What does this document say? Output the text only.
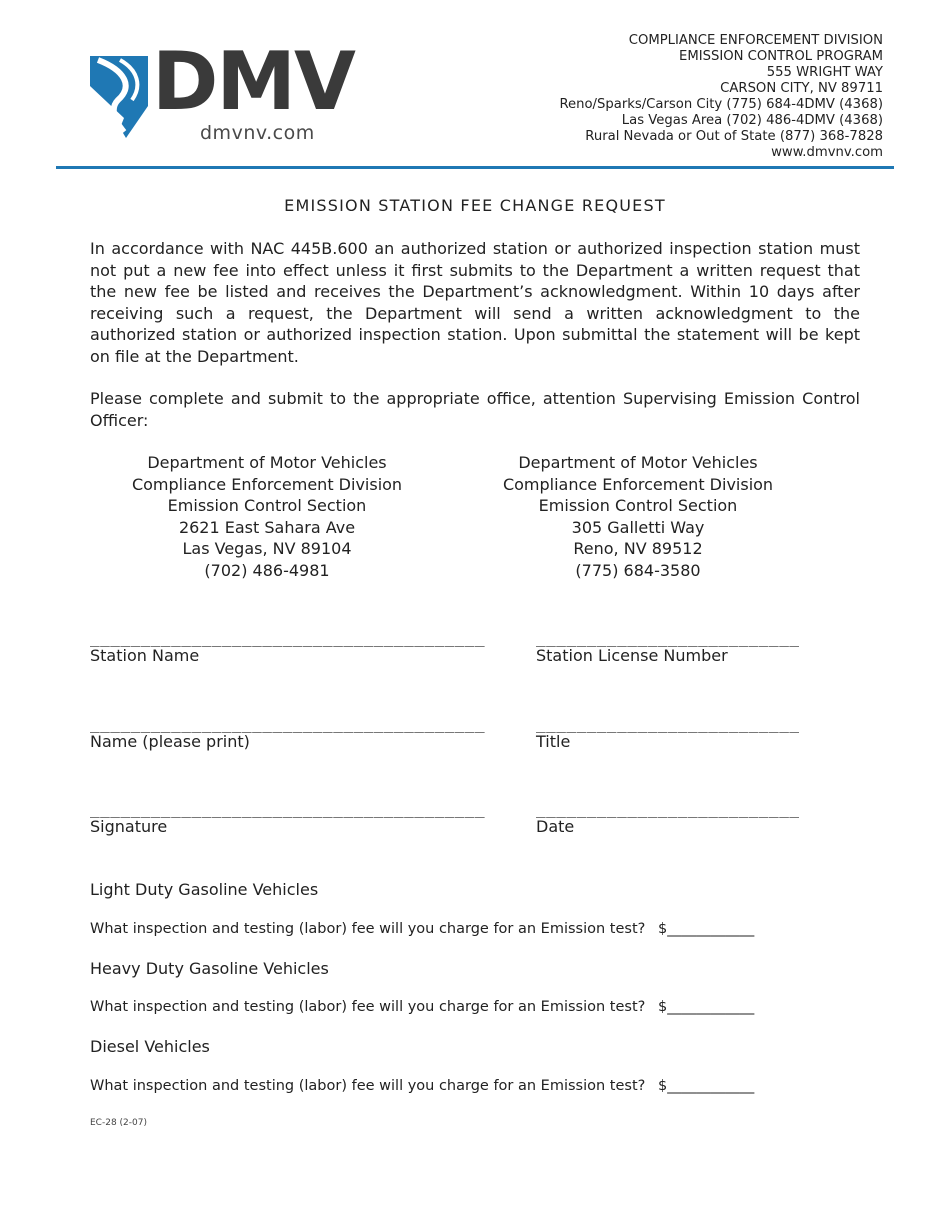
DMV
dmvnv.com
COMPLIANCE ENFORCEMENT DIVISION
EMISSION CONTROL PROGRAM
555 WRIGHT WAY
CARSON CITY, NV 89711
Reno/Sparks/Carson City (775) 684-4DMV (4368)
Las Vegas Area (702) 486-4DMV (4368)
Rural Nevada or Out of State (877) 368-7828
www.dmvnv.com
EMISSION STATION FEE CHANGE REQUEST
In accordance with NAC 445B.600 an authorized station or authorized inspection station must not put a new fee into effect unless it first submits to the Department a written request that the new fee be listed and receives the Department’s acknowledgment. Within 10 days after receiving such a request, the Department will send a written acknowledgment to the authorized station or authorized inspection station. Upon submittal the statement will be kept on file at the Department.
Please complete and submit to the appropriate office, attention Supervising Emission Control Officer:
Department of Motor Vehicles
Compliance Enforcement Division
Emission Control Section
2621 East Sahara Ave
Las Vegas, NV 89104
(702) 486-4981
Department of Motor Vehicles
Compliance Enforcement Division
Emission Control Section
305 Galletti Way
Reno, NV 89512
(775) 684-3580
_______________________________________
Station Name
__________________________
Station License Number
_______________________________________
Name (please print)
__________________________
Title
_______________________________________
Signature
__________________________
Date
Light Duty Gasoline Vehicles
What inspection and testing (labor) fee will you charge for an Emission test? $____________
Heavy Duty Gasoline Vehicles
What inspection and testing (labor) fee will you charge for an Emission test? $____________
Diesel Vehicles
What inspection and testing (labor) fee will you charge for an Emission test? $____________
EC-28 (2-07)
